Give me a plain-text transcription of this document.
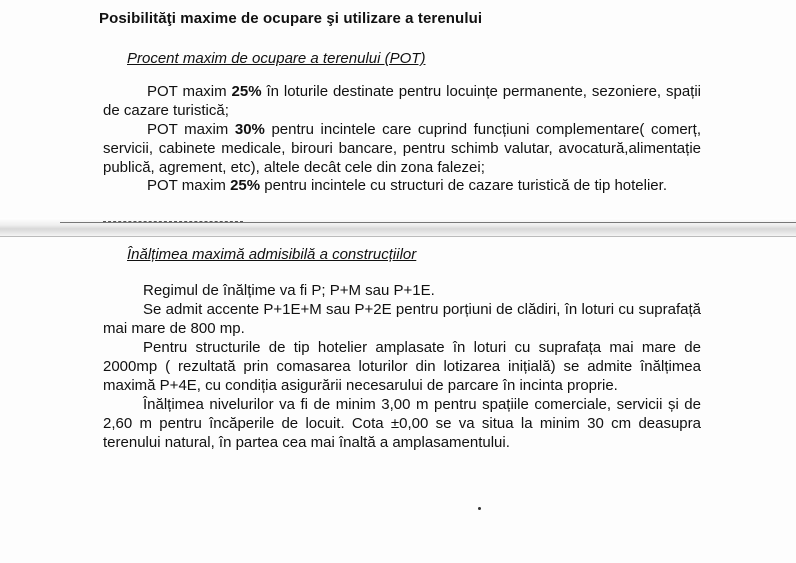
Posibilităţi maxime de ocupare şi utilizare a terenului
Procent maxim de ocupare a terenului (POT)
POT maxim 25% în loturile destinate pentru locuințe permanente, sezoniere, spații de cazare turistică;
POT maxim 30% pentru incintele care cuprind funcțiuni complementare( comerț, servicii, cabinete medicale, birouri bancare, pentru schimb valutar, avocatură,alimentație publică, agrement, etc), altele decât cele din zona falezei;
POT maxim 25% pentru incintele cu structuri de cazare turistică de tip hotelier.
Înălțimea maximă admisibilă a construcțiilor
Regimul de înălțime va fi P; P+M sau P+1E.
Se admit accente P+1E+M sau P+2E pentru porțiuni de clădiri, în loturi cu suprafață mai mare de 800 mp.
Pentru structurile de tip hotelier amplasate în loturi cu suprafața mai mare de 2000mp ( rezultată prin comasarea loturilor din lotizarea inițială) se admite înălțimea maximă P+4E, cu condiția asigurării necesarului de parcare în incinta proprie.
Înălțimea nivelurilor va fi de minim 3,00 m pentru spațiile comerciale, servicii și de 2,60 m pentru încăperile de locuit. Cota ±0,00 se va situa la minim 30 cm deasupra terenului natural, în partea cea mai înaltă a amplasamentului.
